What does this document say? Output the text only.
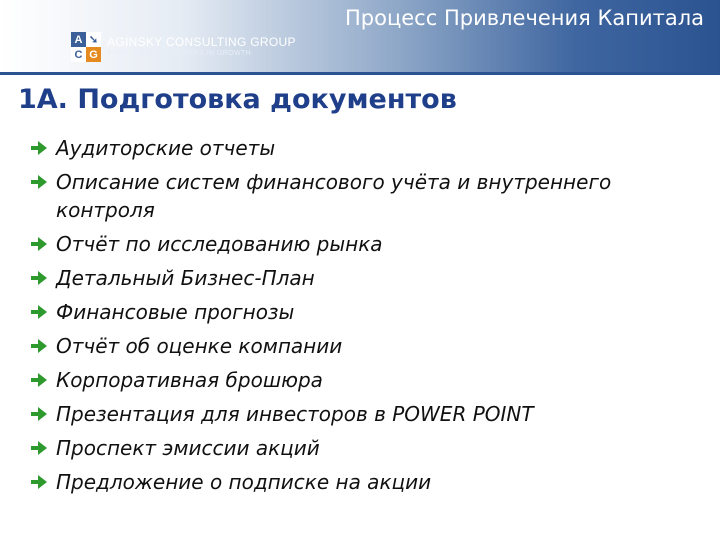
Процесс Привлечения Капитала
A ➘
C G
AGINSKY CONSULTING GROUP
YOUR GLOBAL PARTNERS IN GROWTH
1А. Подготовка документов
Аудиторские отчеты
Описание систем финансового учёта и внутреннего контроля
Отчёт по исследованию рынка
Детальный Бизнес-План
Финансовые прогнозы
Отчёт об оценке компании
Корпоративная брошюра
Презентация для инвесторов в POWER POINT
Проспект эмиссии акций
Предложение о подписке на акции
